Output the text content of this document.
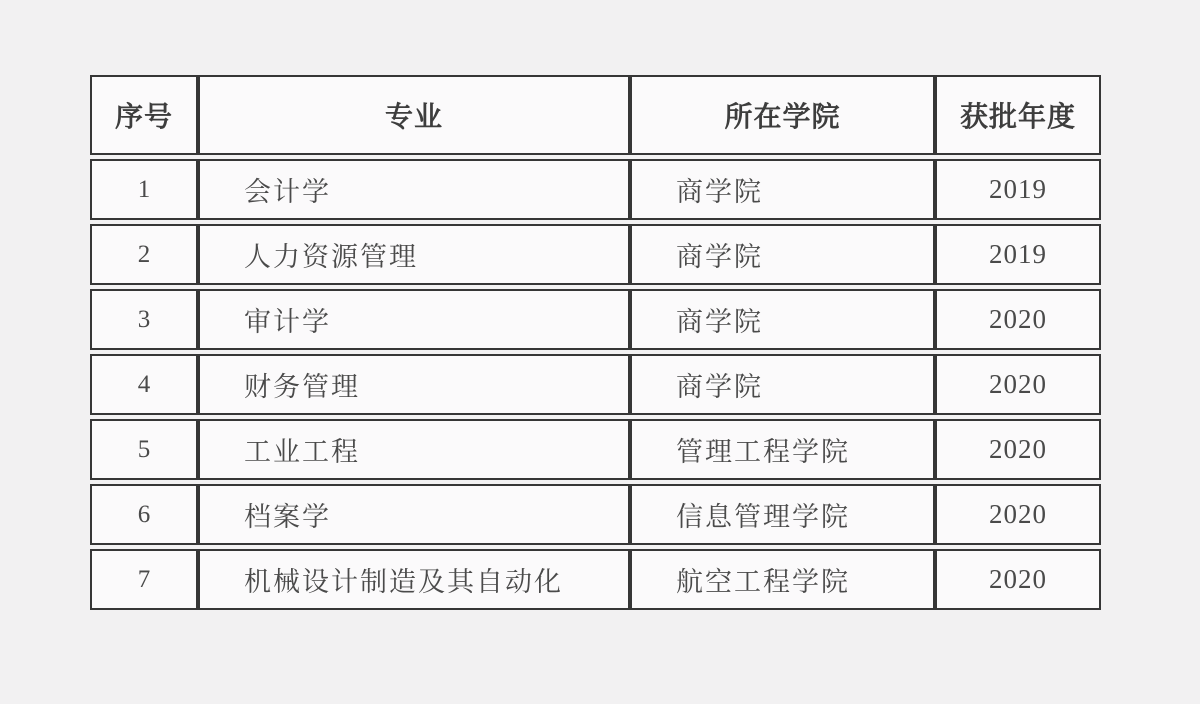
序号	专业	所在学院	获批年度
1	会计学	商学院	2019
2	人力资源管理	商学院	2019
3	审计学	商学院	2020
4	财务管理	商学院	2020
5	工业工程	管理工程学院	2020
6	档案学	信息管理学院	2020
7	机械设计制造及其自动化	航空工程学院	2020
